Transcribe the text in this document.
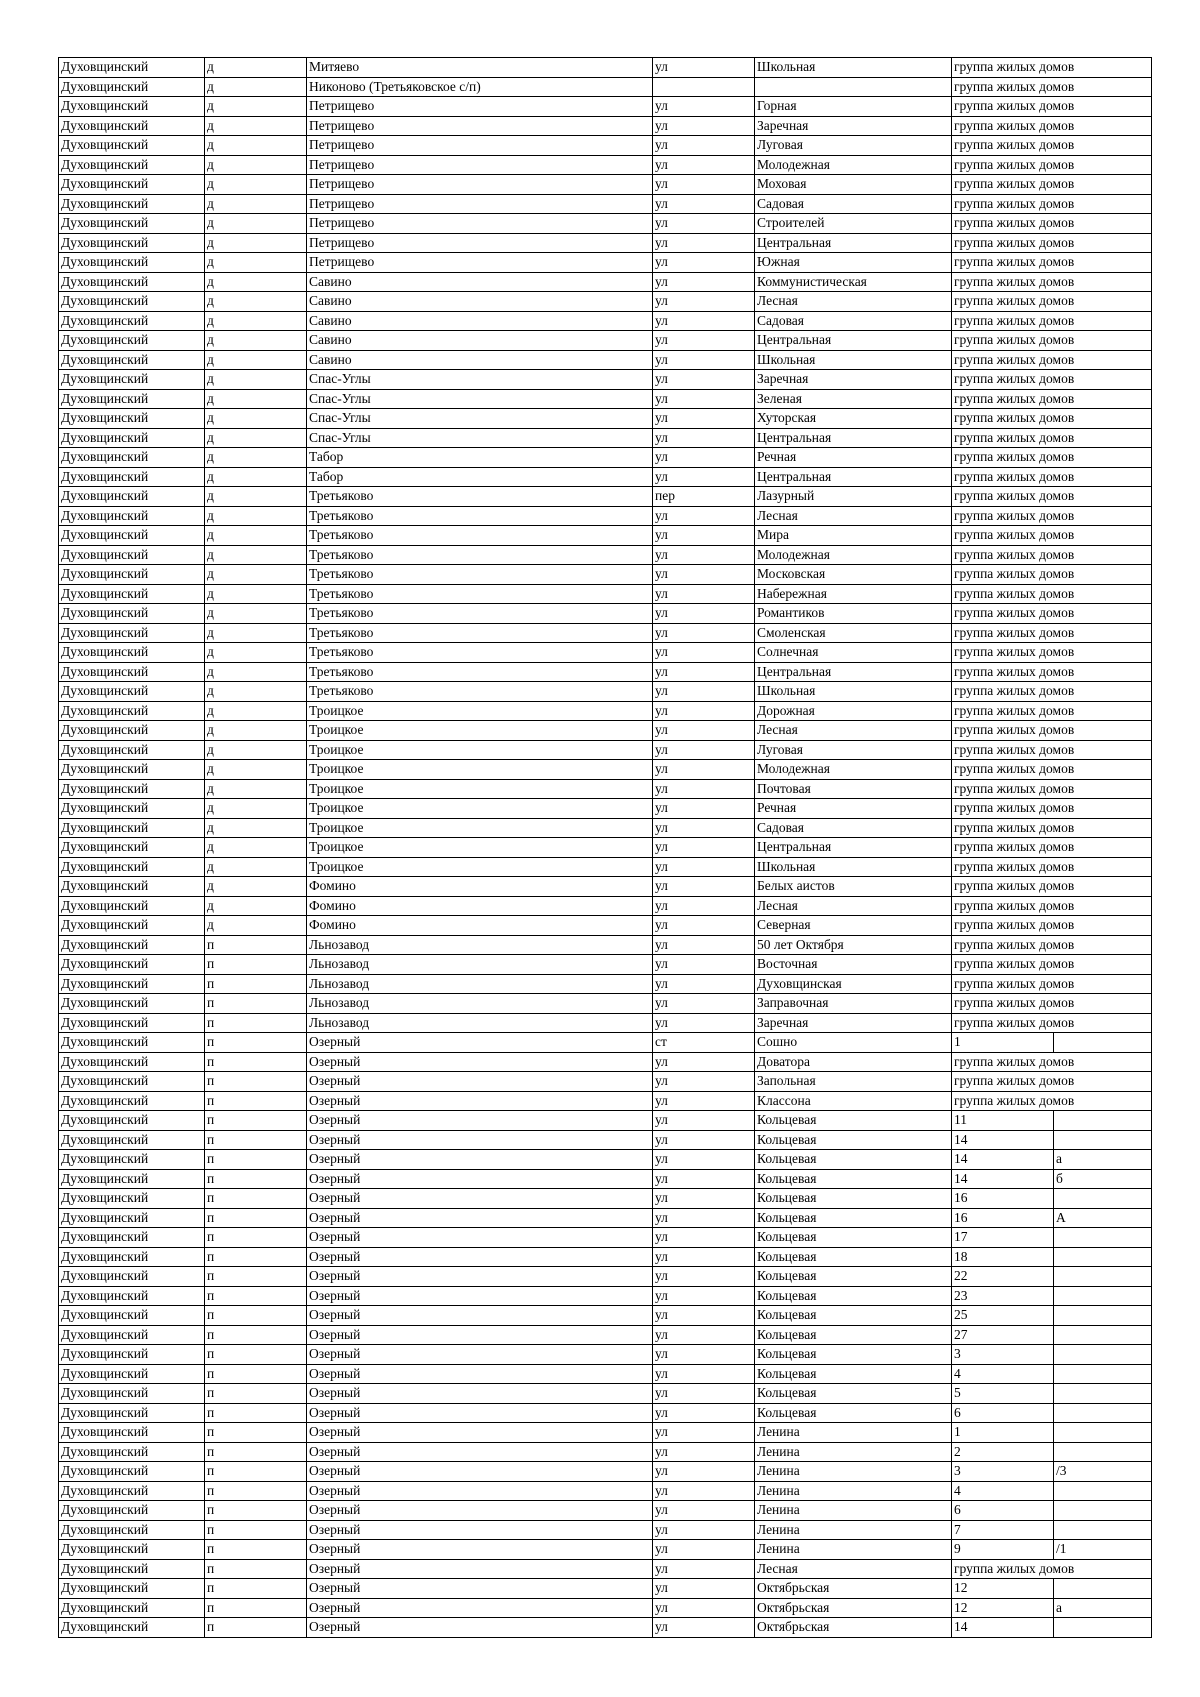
Духовщинский	д	Митяево	ул	Школьная	группа жилых домов	
Духовщинский	д	Никоново (Третьяковское с/п)			группа жилых домов	
Духовщинский	д	Петрищево	ул	Горная	группа жилых домов	
Духовщинский	д	Петрищево	ул	Заречная	группа жилых домов	
Духовщинский	д	Петрищево	ул	Луговая	группа жилых домов	
Духовщинский	д	Петрищево	ул	Молодежная	группа жилых домов	
Духовщинский	д	Петрищево	ул	Моховая	группа жилых домов	
Духовщинский	д	Петрищево	ул	Садовая	группа жилых домов	
Духовщинский	д	Петрищево	ул	Строителей	группа жилых домов	
Духовщинский	д	Петрищево	ул	Центральная	группа жилых домов	
Духовщинский	д	Петрищево	ул	Южная	группа жилых домов	
Духовщинский	д	Савино	ул	Коммунистическая	группа жилых домов	
Духовщинский	д	Савино	ул	Лесная	группа жилых домов	
Духовщинский	д	Савино	ул	Садовая	группа жилых домов	
Духовщинский	д	Савино	ул	Центральная	группа жилых домов	
Духовщинский	д	Савино	ул	Школьная	группа жилых домов	
Духовщинский	д	Спас-Углы	ул	Заречная	группа жилых домов	
Духовщинский	д	Спас-Углы	ул	Зеленая	группа жилых домов	
Духовщинский	д	Спас-Углы	ул	Хуторская	группа жилых домов	
Духовщинский	д	Спас-Углы	ул	Центральная	группа жилых домов	
Духовщинский	д	Табор	ул	Речная	группа жилых домов	
Духовщинский	д	Табор	ул	Центральная	группа жилых домов	
Духовщинский	д	Третьяково	пер	Лазурный	группа жилых домов	
Духовщинский	д	Третьяково	ул	Лесная	группа жилых домов	
Духовщинский	д	Третьяково	ул	Мира	группа жилых домов	
Духовщинский	д	Третьяково	ул	Молодежная	группа жилых домов	
Духовщинский	д	Третьяково	ул	Московская	группа жилых домов	
Духовщинский	д	Третьяково	ул	Набережная	группа жилых домов	
Духовщинский	д	Третьяково	ул	Романтиков	группа жилых домов	
Духовщинский	д	Третьяково	ул	Смоленская	группа жилых домов	
Духовщинский	д	Третьяково	ул	Солнечная	группа жилых домов	
Духовщинский	д	Третьяково	ул	Центральная	группа жилых домов	
Духовщинский	д	Третьяково	ул	Школьная	группа жилых домов	
Духовщинский	д	Троицкое	ул	Дорожная	группа жилых домов	
Духовщинский	д	Троицкое	ул	Лесная	группа жилых домов	
Духовщинский	д	Троицкое	ул	Луговая	группа жилых домов	
Духовщинский	д	Троицкое	ул	Молодежная	группа жилых домов	
Духовщинский	д	Троицкое	ул	Почтовая	группа жилых домов	
Духовщинский	д	Троицкое	ул	Речная	группа жилых домов	
Духовщинский	д	Троицкое	ул	Садовая	группа жилых домов	
Духовщинский	д	Троицкое	ул	Центральная	группа жилых домов	
Духовщинский	д	Троицкое	ул	Школьная	группа жилых домов	
Духовщинский	д	Фомино	ул	Белых аистов	группа жилых домов	
Духовщинский	д	Фомино	ул	Лесная	группа жилых домов	
Духовщинский	д	Фомино	ул	Северная	группа жилых домов	
Духовщинский	п	Льнозавод	ул	50 лет Октября	группа жилых домов	
Духовщинский	п	Льнозавод	ул	Восточная	группа жилых домов	
Духовщинский	п	Льнозавод	ул	Духовщинская	группа жилых домов	
Духовщинский	п	Льнозавод	ул	Заправочная	группа жилых домов	
Духовщинский	п	Льнозавод	ул	Заречная	группа жилых домов	
Духовщинский	п	Озерный	ст	Сошно	1	
Духовщинский	п	Озерный	ул	Доватора	группа жилых домов	
Духовщинский	п	Озерный	ул	Запольная	группа жилых домов	
Духовщинский	п	Озерный	ул	Классона	группа жилых домов	
Духовщинский	п	Озерный	ул	Кольцевая	11	
Духовщинский	п	Озерный	ул	Кольцевая	14	
Духовщинский	п	Озерный	ул	Кольцевая	14	а
Духовщинский	п	Озерный	ул	Кольцевая	14	б
Духовщинский	п	Озерный	ул	Кольцевая	16	
Духовщинский	п	Озерный	ул	Кольцевая	16	А
Духовщинский	п	Озерный	ул	Кольцевая	17	
Духовщинский	п	Озерный	ул	Кольцевая	18	
Духовщинский	п	Озерный	ул	Кольцевая	22	
Духовщинский	п	Озерный	ул	Кольцевая	23	
Духовщинский	п	Озерный	ул	Кольцевая	25	
Духовщинский	п	Озерный	ул	Кольцевая	27	
Духовщинский	п	Озерный	ул	Кольцевая	3	
Духовщинский	п	Озерный	ул	Кольцевая	4	
Духовщинский	п	Озерный	ул	Кольцевая	5	
Духовщинский	п	Озерный	ул	Кольцевая	6	
Духовщинский	п	Озерный	ул	Ленина	1	
Духовщинский	п	Озерный	ул	Ленина	2	
Духовщинский	п	Озерный	ул	Ленина	3	/3
Духовщинский	п	Озерный	ул	Ленина	4	
Духовщинский	п	Озерный	ул	Ленина	6	
Духовщинский	п	Озерный	ул	Ленина	7	
Духовщинский	п	Озерный	ул	Ленина	9	/1
Духовщинский	п	Озерный	ул	Лесная	группа жилых домов	
Духовщинский	п	Озерный	ул	Октябрьская	12	
Духовщинский	п	Озерный	ул	Октябрьская	12	а
Духовщинский	п	Озерный	ул	Октябрьская	14	
